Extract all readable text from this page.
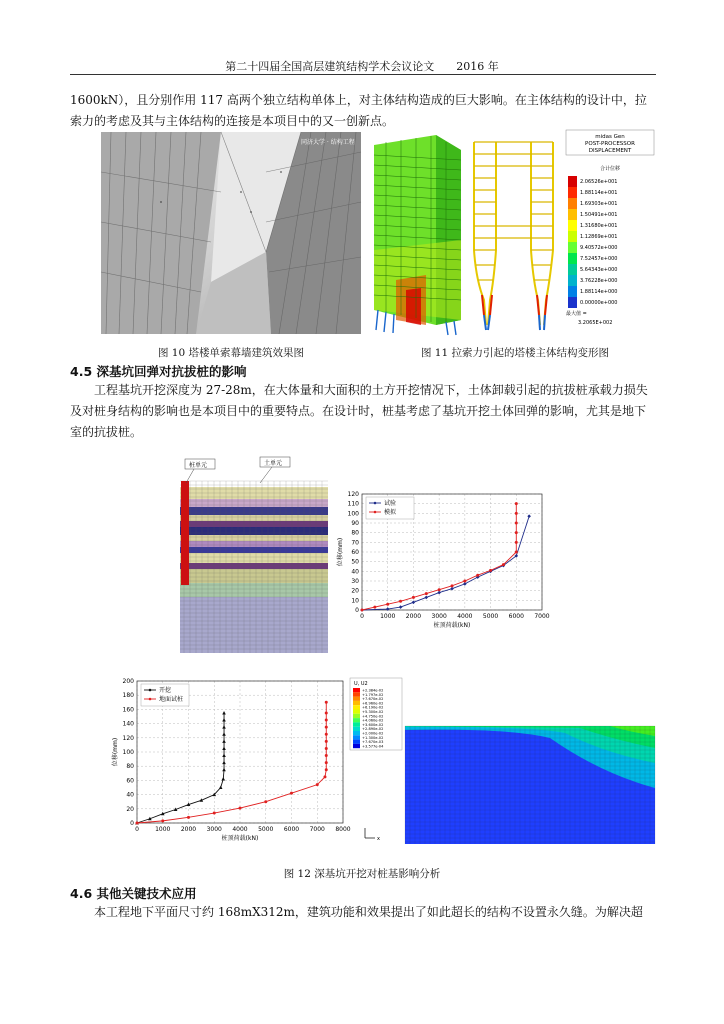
第二十四届全国高层建筑结构学术会议论文 2016 年
1600kN），且分别作用 117 高两个独立结构单体上，对主体结构造成的巨大影响。在主体结构的设计中，拉索力的考虑及其与主体结构的连接是本项目中的又一创新点。
同济大学 · 结构工程
图 10 塔楼单索幕墙建筑效果图
midas Gen
POST-PROCESSOR
DISPLACEMENT
合计位移
2.06526e+001
1.88114e+001
1.69303e+001
1.50491e+001
1.31680e+001
1.12869e+001
9.40572e+000
7.52457e+000
5.64343e+000
3.76228e+000
1.88114e+000
0.00000e+000
最大值 =
3.2065E+002
图 11 拉索力引起的塔楼主体结构变形图
4.5 深基坑回弹对抗拔桩的影响
工程基坑开挖深度为 27-28m，在大体量和大面积的土方开挖情况下，土体卸载引起的抗拔桩承载力损失及对桩身结构的影响也是本项目中的重要特点。在设计时，桩基考虑了基坑开挖土体回弹的影响，尤其是地下室的抗拔桩。
桩单元	土单元
0
10
20
30
40
50
60
70
80
90
100
110
120
0	1000 2000 3000 4000 5000 6000 7000
桩顶荷载(kN)
位移(mm)
试验
模拟
0
20
40
60
80
100
120
140
160
180
200
0	1000 2000 3000 4000 5000 6000 7000 8000
桩顶荷载(kN)
位移(mm)
开挖
地面试桩
U, U2
+2.384e-02
+1.797e-02
+7.670e-02
+6.960e-02
+6.190e-02
+5.300e-02
+4.750e-02
+4.060e-02
+3.600e-02
+2.890e-02
+2.000e-02
+1.300e-02
+7.670e-03
+3.577e-04
x
图 12 深基坑开挖对桩基影响分析
4.6 其他关键技术应用
本工程地下平面尺寸约 168mX312m，建筑功能和效果提出了如此超长的结构不设置永久缝。为解决超
